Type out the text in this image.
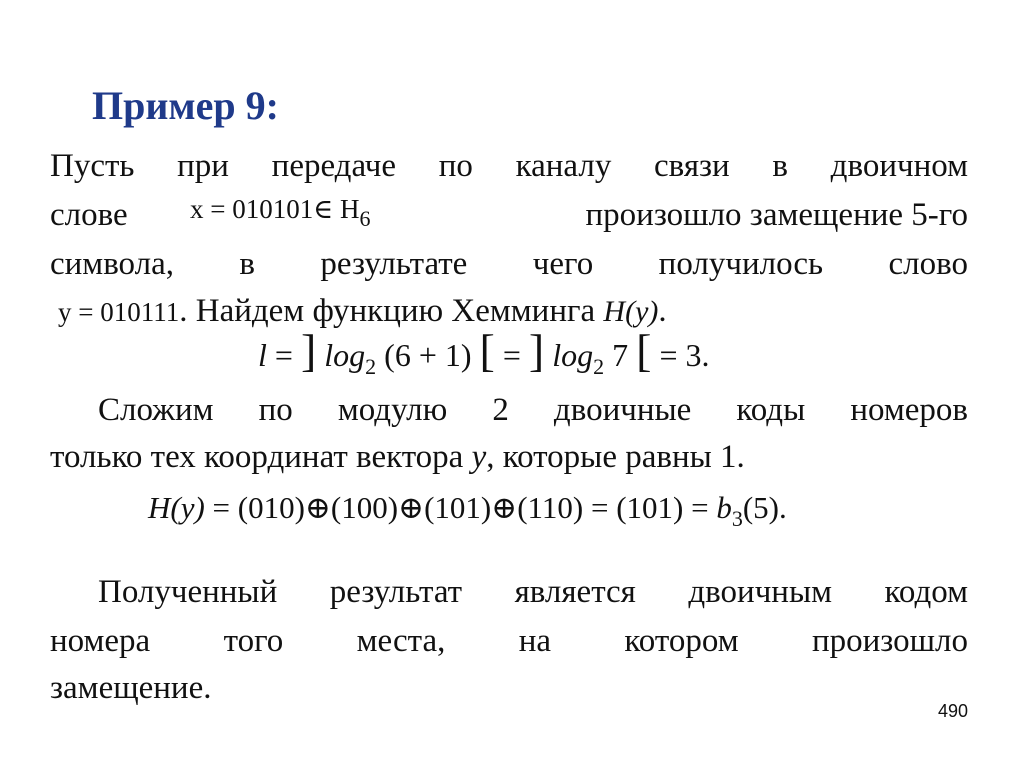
Пример 9:
Пусть при передаче по каналу связи в двоичном
слове x = 010101∈ $H_6$	произошло замещение 5-го
символа, в результате чего получилось слово
y = 010111. Найдем функцию Хемминга H(y).
l = ] $\log_2 (6 + 1)$ [ = ] $\log_2 7$ [ = 3.
Сложим по модулю 2 двоичные коды номеров
только тех координат вектора y, которые равны 1.
H(y) = (010)⊕(100)⊕(101)⊕(110) = $(101) = b_3(5)$.
Полученный результат является двоичным кодом
номера того места, на котором произошло
замещение.
490
